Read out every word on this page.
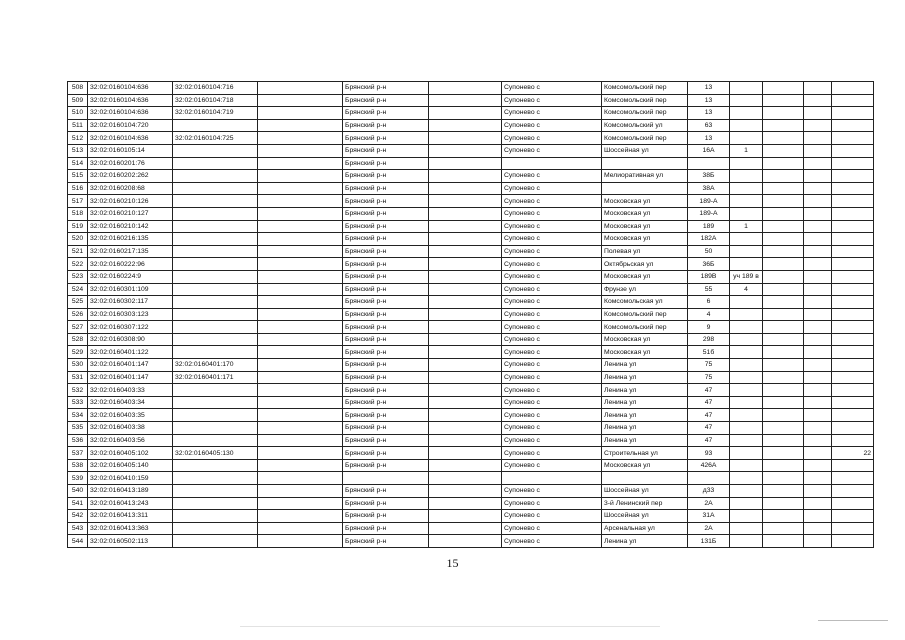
508	32:02:0160104:636	32:02:0160104:716		Брянский р-н		Супонево с	Комсомольский пер	13				
509	32:02:0160104:636	32:02:0160104:718		Брянский р-н		Супонево с	Комсомольский пер	13				
510	32:02:0160104:636	32:02:0160104:719		Брянский р-н		Супонево с	Комсомольский пер	13				
511	32:02:0160104:720			Брянский р-н		Супонево с	Комсомольский ул	63				
512	32:02:0160104:636	32:02:0160104:725		Брянский р-н		Супонево с	Комсомольский пер	13				
513	32:02:0160105:14			Брянский р-н		Супонево с	Шоссейная ул	16А	1			
514	32:02:0160201:76			Брянский р-н								
515	32:02:0160202:262			Брянский р-н		Супонево с	Мелиоративная ул	38Б				
516	32:02:0160208:68			Брянский р-н		Супонево с		38А				
517	32:02:0160210:126			Брянский р-н		Супонево с	Московская ул	189-А				
518	32:02:0160210:127			Брянский р-н		Супонево с	Московская ул	189-А				
519	32:02:0160210:142			Брянский р-н		Супонево с	Московская ул	189	1			
520	32:02:0160216:135			Брянский р-н		Супонево с	Московская ул	182А				
521	32:02:0160217:135			Брянский р-н		Супонево с	Полевая ул	50				
522	32:02:0160222:96			Брянский р-н		Супонево с	Октябрьская ул	36Б				
523	32:02:0160224:9			Брянский р-н		Супонево с	Московская ул	189В	уч 189 в			
524	32:02:0160301:109			Брянский р-н		Супонево с	Фрунзе ул	55	4			
525	32:02:0160302:117			Брянский р-н		Супонево с	Комсомольская ул	6				
526	32:02:0160303:123			Брянский р-н		Супонево с	Комсомольский пер	4				
527	32:02:0160307:122			Брянский р-н		Супонево с	Комсомольский пер	9				
528	32:02:0160308:90			Брянский р-н		Супонево с	Московская ул	298				
529	32:02:0160401:122			Брянский р-н		Супонево с	Московская ул	51б				
530	32:02:0160401:147	32:02:0160401:170		Брянский р-н		Супонево с	Ленина ул	75				
531	32:02:0160401:147	32:02:0160401:171		Брянский р-н		Супонево с	Ленина ул	75				
532	32:02:0160403:33			Брянский р-н		Супонево с	Ленина ул	47				
533	32:02:0160403:34			Брянский р-н		Супонево с	Ленина ул	47				
534	32:02:0160403:35			Брянский р-н		Супонево с	Ленина ул	47				
535	32:02:0160403:38			Брянский р-н		Супонево с	Ленина ул	47				
536	32:02:0160403:56			Брянский р-н		Супонево с	Ленина ул	47				
537	32:02:0160405:102	32:02:0160405:130		Брянский р-н		Супонево с	Строительная ул	93				22
538	32:02:0160405:140			Брянский р-н		Супонево с	Московская ул	426А				
539	32:02:0160410:159											
540	32:02:0160413:189			Брянский р-н		Супонево с	Шоссейная ул	д33				
541	32:02:0160413:243			Брянский р-н		Супонево с	3-й Ленинский пер	2А				
542	32:02:0160413:311			Брянский р-н		Супонево с	Шоссейная ул	31А				
543	32:02:0160413:363			Брянский р-н		Супонево с	Арсенальная ул	2А				
544	32:02:0160502:113			Брянский р-н		Супонево с	Ленина ул	131Б				
15
